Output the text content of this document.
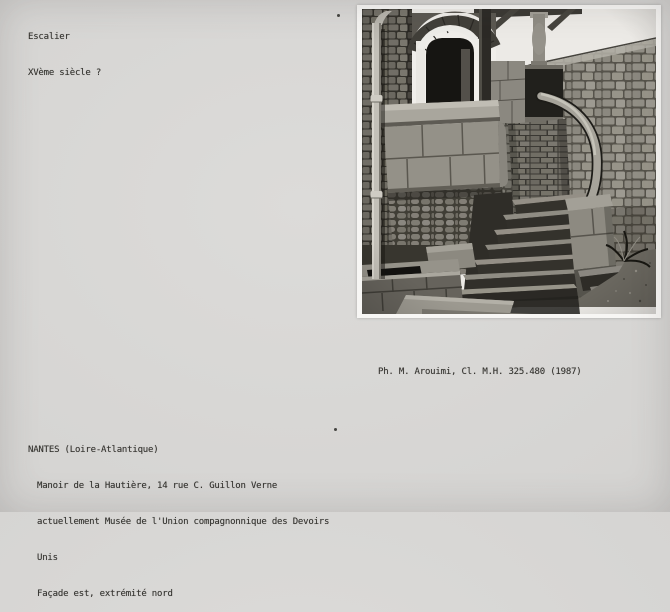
Escalier

XVème siècle ?

Ph. M. Arouimi, Cl. M.H. 325.480 (1987)

NANTES (Loire-Atlantique)

Manoir de la Hautière, 14 rue C. Guillon Verne

actuellement Musée de l'Union compagnonnique des Devoirs

Unis

Façade est, extrémité nord
